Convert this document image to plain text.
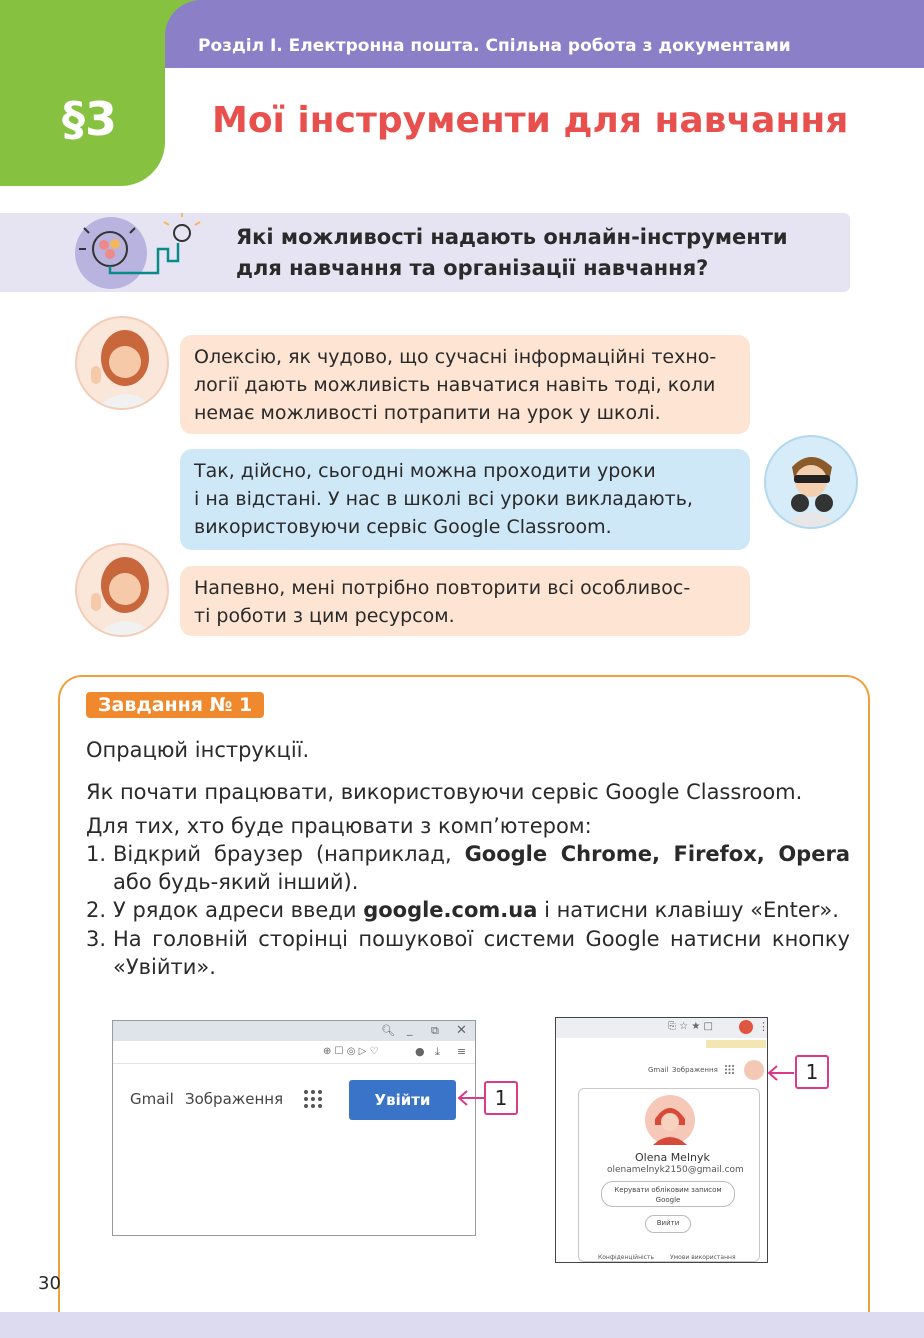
Розділ І. Електронна пошта. Спільна робота з документами
§3	Мої інструменти для навчання
Які можливості надають онлайн-інструменти
для навчання та організації навчання?
Олексію, як чудово, що сучасні інформаційні техно-
логії дають можливість навчатися навіть тоді, коли
немає можливості потрапити на урок у школі.
Так, дійсно, сьогодні можна проходити уроки
і на відстані. У нас в школі всі уроки викладають,
використовуючи сервіс Google Classroom.
Напевно, мені потрібно повторити всі особливос-
ті роботи з цим ресурсом.
Завдання № 1
Опрацюй інструкції.
Як почати працювати, використовуючи сервіс Google Classroom.
Для тих, хто буде працювати з комп’ютером:
1. Відкрий браузер (наприклад, Google Chrome, Firefox, Opera або будь-який інший).
2. У рядок адреси введи google.com.ua і натисни клавішу «Enter».
3. На головній сторінці пошукової системи Google натисни кнопку «Увійти».
🔍︎ _ ⧉ ✕
⊕ ☐ ◎ ▷ ♡	● ⤓ ≡
Gmail Зображення	Увійти	1
⎘ ☆ ★ □	⋮
Gmail Зображення
Olena Melnyk
olenamelnyk2150@gmail.com
Керувати обліковим записом Google
Вийти
Конфіденційність	Умови використання
1
30
